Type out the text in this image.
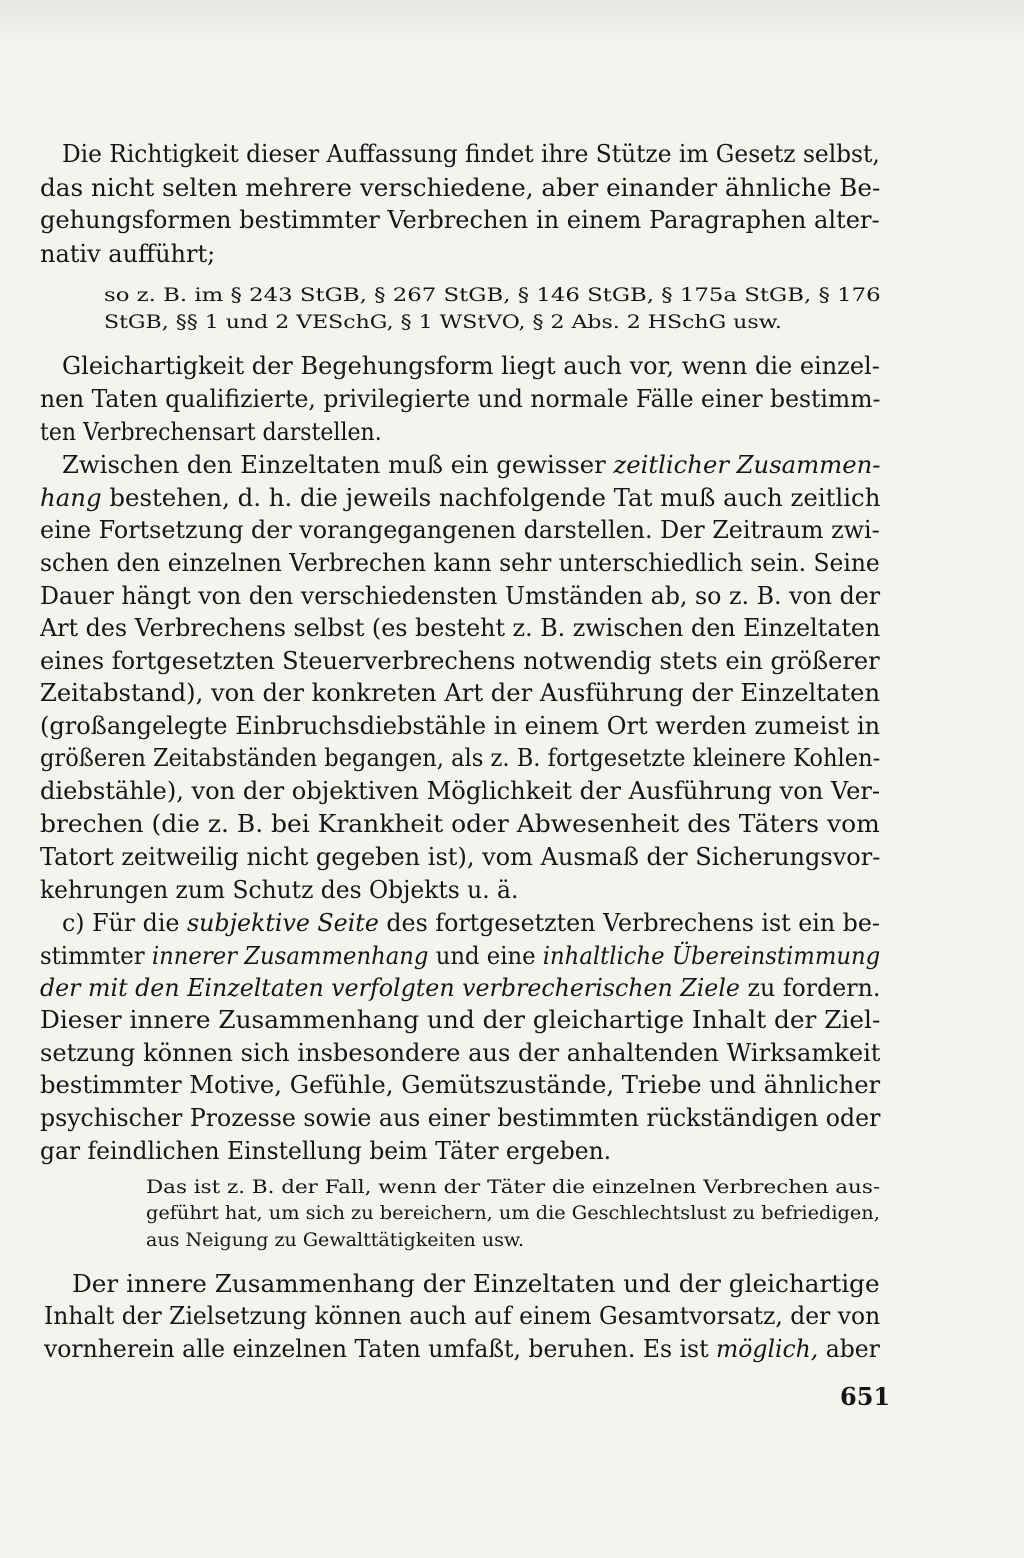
Die Richtigkeit dieser Auffassung findet ihre Stütze im Gesetz selbst,

das nicht selten mehrere verschiedene, aber einander ähnliche Be-

gehungsformen bestimmter Verbrechen in einem Paragraphen alter-

nativ aufführt;

so z. B. im § 243 StGB, § 267 StGB, § 146 StGB, § 175a StGB, § 176

StGB, §§ 1 und 2 VESchG, § 1 WStVO, § 2 Abs. 2 HSchG usw.

Gleichartigkeit der Begehungsform liegt auch vor, wenn die einzel-

nen Taten qualifizierte, privilegierte und normale Fälle einer bestimm-

ten Verbrechensart darstellen.

Zwischen den Einzeltaten muß ein gewisser zeitlicher Zusammen-

hang bestehen, d. h. die jeweils nachfolgende Tat muß auch zeitlich

eine Fortsetzung der vorangegangenen darstellen. Der Zeitraum zwi-

schen den einzelnen Verbrechen kann sehr unterschiedlich sein. Seine

Dauer hängt von den verschiedensten Umständen ab, so z. B. von der

Art des Verbrechens selbst (es besteht z. B. zwischen den Einzeltaten

eines fortgesetzten Steuerverbrechens notwendig stets ein größerer

Zeitabstand), von der konkreten Art der Ausführung der Einzeltaten

(großangelegte Einbruchsdiebstähle in einem Ort werden zumeist in

größeren Zeitabständen begangen, als z. B. fortgesetzte kleinere Kohlen-

diebstähle), von der objektiven Möglichkeit der Ausführung von Ver-

brechen (die z. B. bei Krankheit oder Abwesenheit des Täters vom

Tatort zeitweilig nicht gegeben ist), vom Ausmaß der Sicherungsvor-

kehrungen zum Schutz des Objekts u. ä.

c) Für die subjektive Seite des fortgesetzten Verbrechens ist ein be-

stimmter innerer Zusammenhang und eine inhaltliche Übereinstimmung

der mit den Einzeltaten verfolgten verbrecherischen Ziele zu fordern.

Dieser innere Zusammenhang und der gleichartige Inhalt der Ziel-

setzung können sich insbesondere aus der anhaltenden Wirksamkeit

bestimmter Motive, Gefühle, Gemütszustände, Triebe und ähnlicher

psychischer Prozesse sowie aus einer bestimmten rückständigen oder

gar feindlichen Einstellung beim Täter ergeben.

Das ist z. B. der Fall, wenn der Täter die einzelnen Verbrechen aus-

geführt hat, um sich zu bereichern, um die Geschlechtslust zu befriedigen,

aus Neigung zu Gewalttätigkeiten usw.

Der innere Zusammenhang der Einzeltaten und der gleichartige

Inhalt der Zielsetzung können auch auf einem Gesamtvorsatz, der von

vornherein alle einzelnen Taten umfaßt, beruhen. Es ist möglich, aber

651
